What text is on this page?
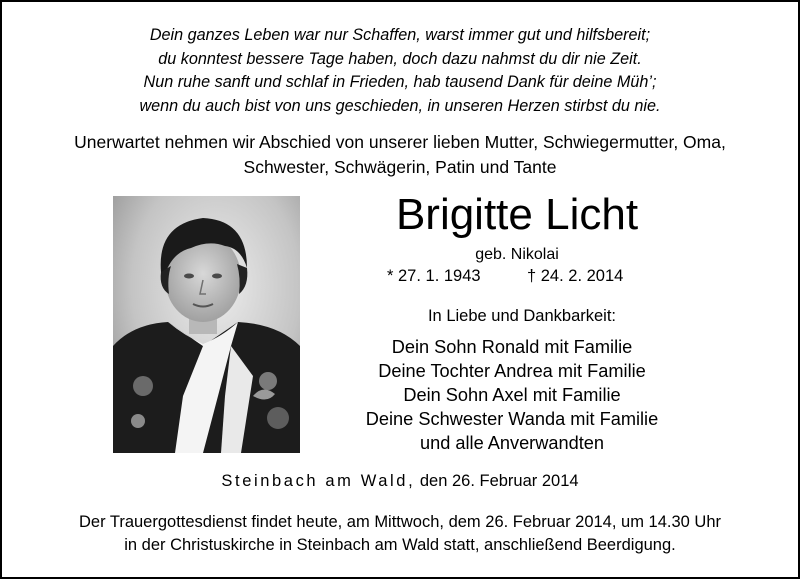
Dein ganzes Leben war nur Schaffen, warst immer gut und hilfsbereit;
du konntest bessere Tage haben, doch dazu nahmst du dir nie Zeit.
Nun ruhe sanft und schlaf in Frieden, hab tausend Dank für deine Müh’;
wenn du auch bist von uns geschieden, in unseren Herzen stirbst du nie.
Unerwartet nehmen wir Abschied von unserer lieben Mutter, Schwiegermutter, Oma,
Schwester, Schwägerin, Patin und Tante
Brigitte Licht
geb. Nikolai
* 27. 1. 1943	† 24. 2. 2014
In Liebe und Dankbarkeit:
Dein Sohn Ronald mit Familie
Deine Tochter Andrea mit Familie
Dein Sohn Axel mit Familie
Deine Schwester Wanda mit Familie
und alle Anverwandten
Steinbach am Wald, den 26. Februar 2014
Der Trauergottesdienst findet heute, am Mittwoch, dem 26. Februar 2014, um 14.30 Uhr
in der Christuskirche in Steinbach am Wald statt, anschließend Beerdigung.
